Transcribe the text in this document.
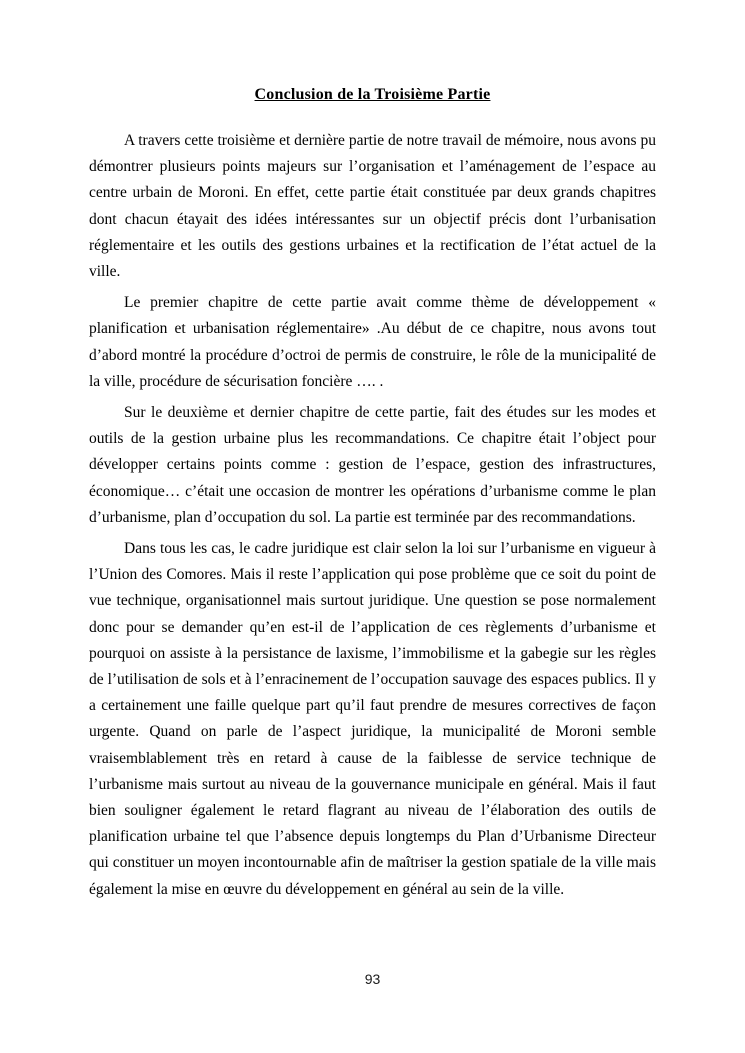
Conclusion de la Troisième Partie

A travers cette troisième et dernière partie de notre travail de mémoire, nous avons pu démontrer plusieurs points majeurs sur l’organisation et l’aménagement de l’espace au centre urbain de Moroni. En effet, cette partie était constituée par deux grands chapitres dont chacun étayait des idées intéressantes sur un objectif précis dont l’urbanisation réglementaire et les outils des gestions urbaines et la rectification de l’état actuel de la ville.

Le premier chapitre de cette partie avait comme thème de développement « planification et urbanisation réglementaire» .Au début de ce chapitre, nous avons tout d’abord montré la procédure d’octroi de permis de construire, le rôle de la municipalité de la ville, procédure de sécurisation foncière …. .

Sur le deuxième et dernier chapitre de cette partie, fait des études sur les modes et outils de la gestion urbaine plus les recommandations. Ce chapitre était l’object pour développer certains points comme : gestion de l’espace, gestion des infrastructures, économique… c’était une occasion de montrer les opérations d’urbanisme comme le plan d’urbanisme, plan d’occupation du sol. La partie est terminée par des recommandations.

Dans tous les cas, le cadre juridique est clair selon la loi sur l’urbanisme en vigueur à l’Union des Comores. Mais il reste l’application qui pose problème que ce soit du point de vue technique, organisationnel mais surtout juridique. Une question se pose normalement donc pour se demander qu’en est-il de l’application de ces règlements d’urbanisme et pourquoi on assiste à la persistance de laxisme, l’immobilisme et la gabegie sur les règles de l’utilisation de sols et à l’enracinement de l’occupation sauvage des espaces publics. Il y a certainement une faille quelque part qu’il faut prendre de mesures correctives de façon urgente. Quand on parle de l’aspect juridique, la municipalité de Moroni semble vraisemblablement très en retard à cause de la faiblesse de service technique de l’urbanisme mais surtout au niveau de la gouvernance municipale en général. Mais il faut bien souligner également le retard flagrant au niveau de l’élaboration des outils de planification urbaine tel que l’absence depuis longtemps du Plan d’Urbanisme Directeur qui constituer un moyen incontournable afin de maîtriser la gestion spatiale de la ville mais également la mise en œuvre du développement en général au sein de la ville.

93
